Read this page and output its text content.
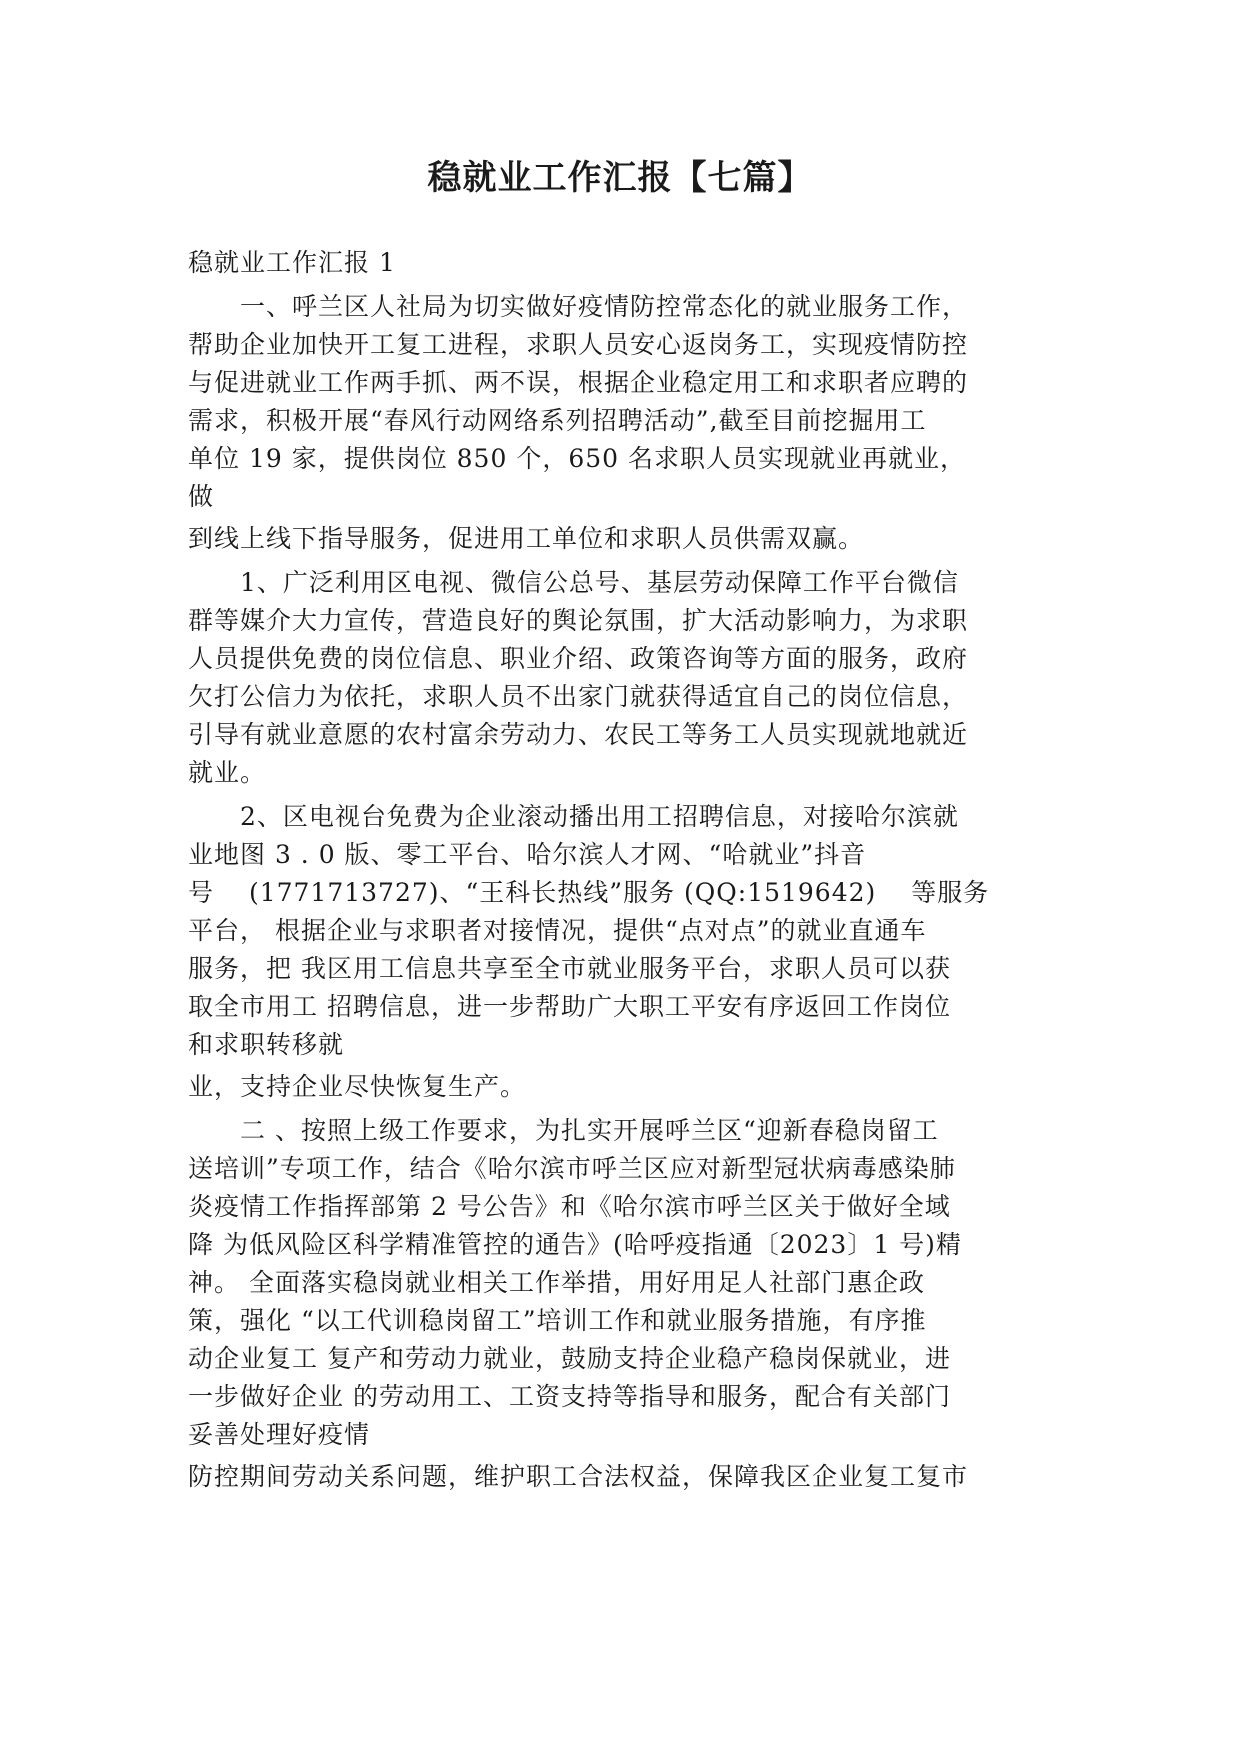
稳就业工作汇报【七篇】
稳就业工作汇报 1
　　一、呼兰区人社局为切实做好疫情防控常态化的就业服务工作，
帮助企业加快开工复工进程，求职人员安心返岗务工，实现疫情防控
与促进就业工作两手抓、两不误，根据企业稳定用工和求职者应聘的
需求，积极开展“春风行动网络系列招聘活动”,截至目前挖掘用工
单位 19 家，提供岗位 850 个，650 名求职人员实现就业再就业，
做
到线上线下指导服务，促进用工单位和求职人员供需双赢。
　　1、广泛利用区电视、微信公总号、基层劳动保障工作平台微信
群等媒介大力宣传，营造良好的舆论氛围，扩大活动影响力，为求职
人员提供免费的岗位信息、职业介绍、政策咨询等方面的服务，政府
欠打公信力为依托，求职人员不出家门就获得适宜自己的岗位信息，
引导有就业意愿的农村富余劳动力、农民工等务工人员实现就地就近
就业。
　　2、区电视台免费为企业滚动播出用工招聘信息，对接哈尔滨就
业地图 3 . 0 版、零工平台、哈尔滨人才网、“哈就业”抖音
号　 (1771713727)、“王科长热线”服务 (QQ:1519642)　 等服务
平台， 根据企业与求职者对接情况，提供“点对点”的就业直通车
服务，把 我区用工信息共享至全市就业服务平台，求职人员可以获
取全市用工 招聘信息，进一步帮助广大职工平安有序返回工作岗位
和求职转移就
业，支持企业尽快恢复生产。
　　二 、按照上级工作要求，为扎实开展呼兰区“迎新春稳岗留工
送培训”专项工作，结合《哈尔滨市呼兰区应对新型冠状病毒感染肺
炎疫情工作指挥部第 2 号公告》和《哈尔滨市呼兰区关于做好全域
降 为低风险区科学精准管控的通告》(哈呼疫指通〔2023〕1 号)精
神。 全面落实稳岗就业相关工作举措，用好用足人社部门惠企政
策，强化 “以工代训稳岗留工”培训工作和就业服务措施，有序推
动企业复工 复产和劳动力就业，鼓励支持企业稳产稳岗保就业，进
一步做好企业 的劳动用工、工资支持等指导和服务，配合有关部门
妥善处理好疫情
防控期间劳动关系问题，维护职工合法权益，保障我区企业复工复市
